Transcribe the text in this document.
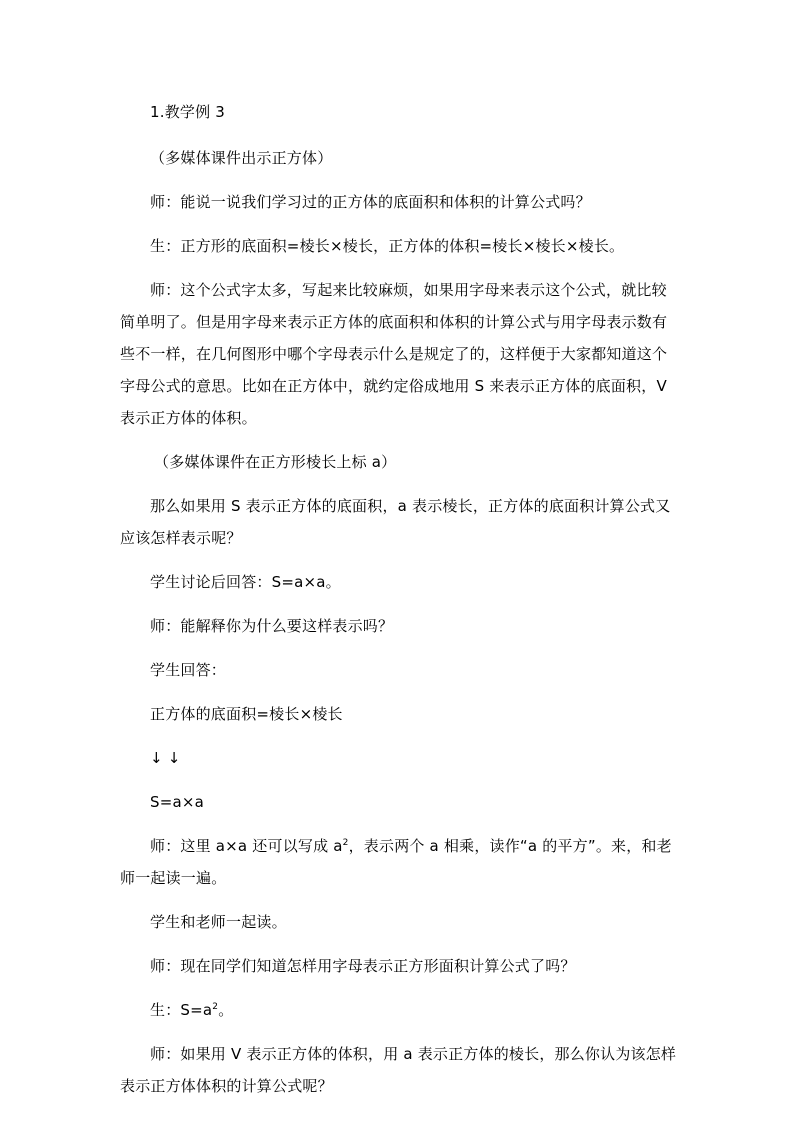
1.教学例 3

（多媒体课件出示正方体）

师：能说一说我们学习过的正方体的底面积和体积的计算公式吗？

生：正方形的底面积=棱长×棱长，正方体的体积=棱长×棱长×棱长。

师：这个公式字太多，写起来比较麻烦，如果用字母来表示这个公式，就比较简单明了。但是用字母来表示正方体的底面积和体积的计算公式与用字母表示数有些不一样，在几何图形中哪个字母表示什么是规定了的，这样便于大家都知道这个字母公式的意思。比如在正方体中，就约定俗成地用 S 来表示正方体的底面积，V 表示正方体的体积。

（多媒体课件在正方形棱长上标 a）

那么如果用 S 表示正方体的底面积，a 表示棱长，正方体的底面积计算公式又应该怎样表示呢？

学生讨论后回答：S=a×a。

师：能解释你为什么要这样表示吗？

学生回答：

正方体的底面积=棱长×棱长

↓ ↓

S=a×a

师：这里 a×a 还可以写成 $a^2$，表示两个 a 相乘，读作“a 的平方”。来，和老师一起读一遍。

学生和老师一起读。

师：现在同学们知道怎样用字母表示正方形面积计算公式了吗？

生：$S=a^2$。

师：如果用 V 表示正方体的体积，用 a 表示正方体的棱长，那么你认为该怎样表示正方体体积的计算公式呢？
